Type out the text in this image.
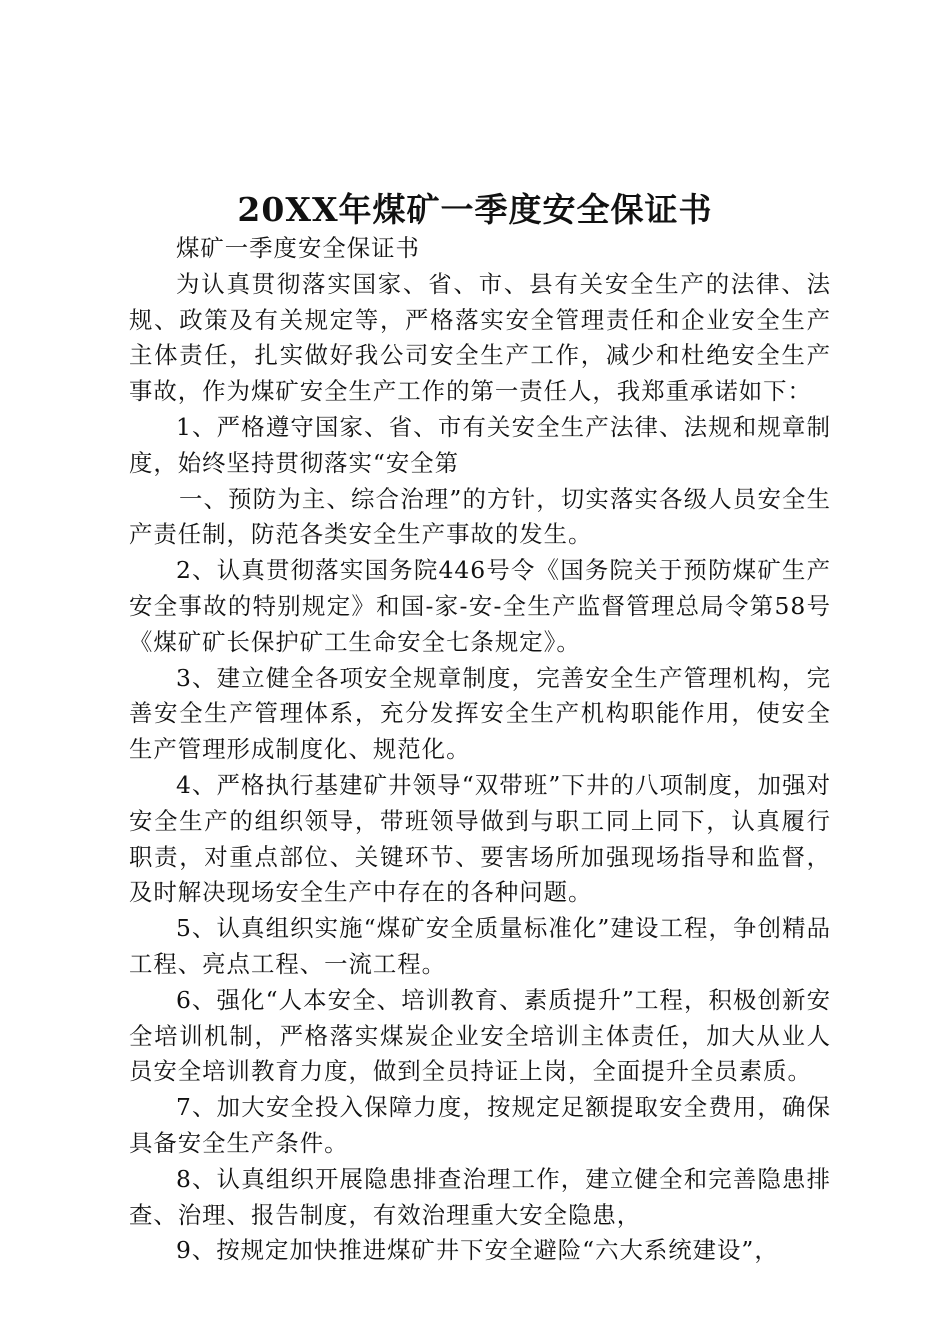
20XX年煤矿一季度安全保证书

煤矿一季度安全保证书

为认真贯彻落实国家、省、市、县有关安全生产的法律、法规、政策及有关规定等，严格落实安全管理责任和企业安全生产主体责任，扎实做好我公司安全生产工作，减少和杜绝安全生产事故，作为煤矿安全生产工作的第一责任人，我郑重承诺如下：

1、严格遵守国家、省、市有关安全生产法律、法规和规章制度，始终坚持贯彻落实“安全第

一、预防为主、综合治理”的方针，切实落实各级人员安全生产责任制，防范各类安全生产事故的发生。

2、认真贯彻落实国务院446号令《国务院关于预防煤矿生产安全事故的特别规定》和国-家-安-全生产监督管理总局令第58号《煤矿矿长保护矿工生命安全七条规定》。

3、建立健全各项安全规章制度，完善安全生产管理机构，完善安全生产管理体系，充分发挥安全生产机构职能作用，使安全生产管理形成制度化、规范化。

4、严格执行基建矿井领导“双带班”下井的八项制度，加强对安全生产的组织领导，带班领导做到与职工同上同下，认真履行职责，对重点部位、关键环节、要害场所加强现场指导和监督，及时解决现场安全生产中存在的各种问题。

5、认真组织实施“煤矿安全质量标准化”建设工程，争创精品工程、亮点工程、一流工程。

6、强化“人本安全、培训教育、素质提升”工程，积极创新安全培训机制，严格落实煤炭企业安全培训主体责任，加大从业人员安全培训教育力度，做到全员持证上岗，全面提升全员素质。

7、加大安全投入保障力度，按规定足额提取安全费用，确保具备安全生产条件。

8、认真组织开展隐患排查治理工作，建立健全和完善隐患排查、治理、报告制度，有效治理重大安全隐患，

9、按规定加快推进煤矿井下安全避险“六大系统建设”，
